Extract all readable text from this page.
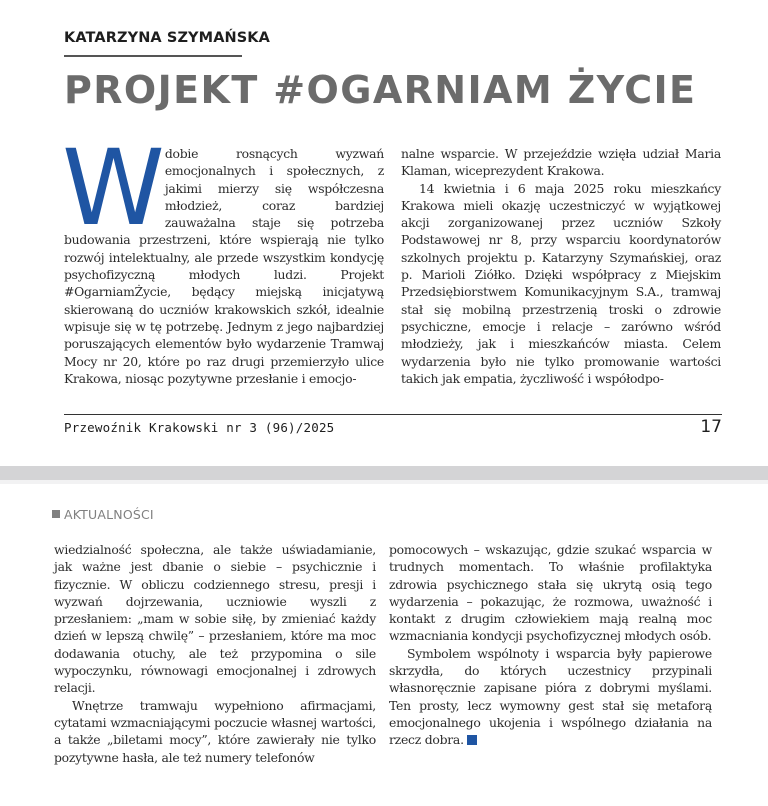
KATARZYNA SZYMAŃSKA
PROJEKT #OGARNIAM ŻYCIE

Wdobie rosnących wyzwań emocjonalnych i społecznych, z jakimi mierzy się współczesna młodzież, coraz bardziej zauważalna staje się potrzeba budowania przestrzeni, które wspierają nie tylko rozwój intelektualny, ale przede wszystkim kondycję psychofizyczną młodych ludzi. Projekt #OgarniamŻycie, będący miejską inicjatywą skierowaną do uczniów krakowskich szkół, idealnie wpisuje się w tę potrzebę. Jednym z jego najbardziej poruszających elementów było wydarzenie Tramwaj Mocy nr 20, które po raz drugi przemierzyło ulice Krakowa, niosąc pozytywne przesłanie i emocjo-

nalne wsparcie. W przejeździe wzięła udział Maria Klaman, wiceprezydent Krakowa.

14 kwietnia i 6 maja 2025 roku mieszkańcy Krakowa mieli okazję uczestniczyć w wyjątkowej akcji zorganizowanej przez uczniów Szkoły Podstawowej nr 8, przy wsparciu koordynatorów szkolnych projektu p. Katarzyny Szymańskiej, oraz p. Marioli Ziółko. Dzięki współpracy z Miejskim Przedsiębiorstwem Komunikacyjnym S.A., tramwaj stał się mobilną przestrzenią troski o zdrowie psychiczne, emocje i relacje – zarówno wśród młodzieży, jak i mieszkańców miasta. Celem wydarzenia było nie tylko promowanie wartości takich jak empatia, życzliwość i współodpo-

Przewoźnik Krakowski nr 3 (96)/2025	17
AKTUALNOŚCI

wiedzialność społeczna, ale także uświadamianie, jak ważne jest dbanie o siebie – psychicznie i fizycznie. W obliczu codziennego stresu, presji i wyzwań dojrzewania, uczniowie wyszli z przesłaniem: „mam w sobie siłę, by zmieniać każdy dzień w lepszą chwilę” – przesłaniem, które ma moc dodawania otuchy, ale też przypomina o sile wypoczynku, równowagi emocjonalnej i zdrowych relacji.

Wnętrze tramwaju wypełniono afirmacjami, cytatami wzmacniającymi poczucie własnej wartości, a także „biletami mocy”, które zawierały nie tylko pozytywne hasła, ale też numery telefonów

pomocowych – wskazując, gdzie szukać wsparcia w trudnych momentach. To właśnie profilaktyka zdrowia psychicznego stała się ukrytą osią tego wydarzenia – pokazując, że rozmowa, uważność i kontakt z drugim człowiekiem mają realną moc wzmacniania kondycji psychofizycznej młodych osób.

Symbolem wspólnoty i wsparcia były papierowe skrzydła, do których uczestnicy przypinali własnoręcznie zapisane pióra z dobrymi myślami. Ten prosty, lecz wymowny gest stał się metaforą emocjonalnego ukojenia i wspólnego działania na rzecz dobra.
